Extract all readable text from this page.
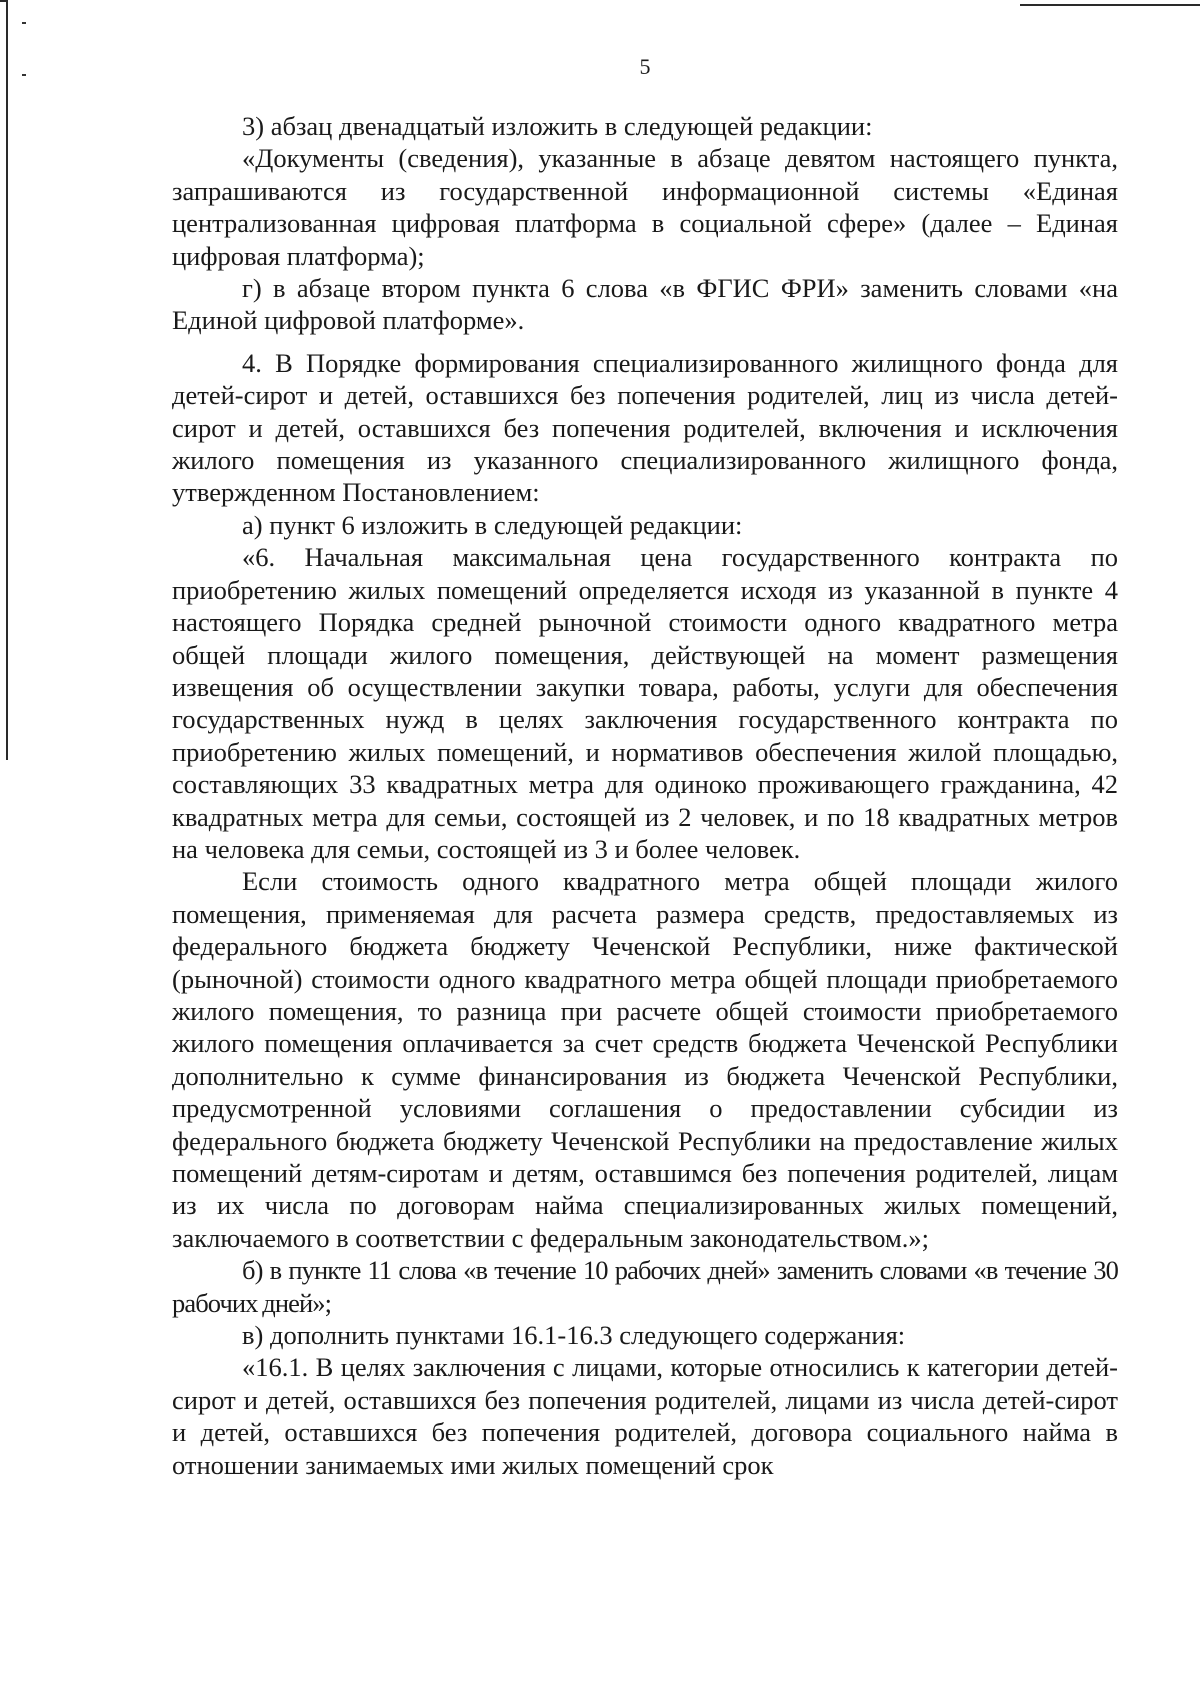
5

3) абзац двенадцатый изложить в следующей редакции:

«Документы (сведения), указанные в абзаце девятом настоящего пункта, запрашиваются из государственной информационной системы «Единая централизованная цифровая платформа в социальной сфере» (далее – Единая цифровая платформа);

г) в абзаце втором пункта 6 слова «в ФГИС ФРИ» заменить словами «на Единой цифровой платформе».

4. В Порядке формирования специализированного жилищного фонда для детей-сирот и детей, оставшихся без попечения родителей, лиц из числа детей-сирот и детей, оставшихся без попечения родителей, включения и исключения жилого помещения из указанного специализированного жилищного фонда, утвержденном Постановлением:

а) пункт 6 изложить в следующей редакции:

«6. Начальная максимальная цена государственного контракта по приобретению жилых помещений определяется исходя из указанной в пункте 4 настоящего Порядка средней рыночной стоимости одного квадратного метра общей площади жилого помещения, действующей на момент размещения извещения об осуществлении закупки товара, работы, услуги для обеспечения государственных нужд в целях заключения государственного контракта по приобретению жилых помещений, и нормативов обеспечения жилой площадью, составляющих 33 квадратных метра для одиноко проживающего гражданина, 42 квадратных метра для семьи, состоящей из 2 человек, и по 18 квадратных метров на человека для семьи, состоящей из 3 и более человек.

Если стоимость одного квадратного метра общей площади жилого помещения, применяемая для расчета размера средств, предоставляемых из федерального бюджета бюджету Чеченской Республики, ниже фактической (рыночной) стоимости одного квадратного метра общей площади приобретаемого жилого помещения, то разница при расчете общей стоимости приобретаемого жилого помещения оплачивается за счет средств бюджета Чеченской Республики дополнительно к сумме финансирования из бюджета Чеченской Республики, предусмотренной условиями соглашения о предоставлении субсидии из федерального бюджета бюджету Чеченской Республики на предоставление жилых помещений детям-сиротам и детям, оставшимся без попечения родителей, лицам из их числа по договорам найма специализированных жилых помещений, заключаемого в соответствии с федеральным законодательством.»;

б) в пункте 11 слова «в течение 10 рабочих дней» заменить словами «в течение 30 рабочих дней»;

в) дополнить пунктами 16.1-16.3 следующего содержания:

«16.1. В целях заключения с лицами, которые относились к категории детей-сирот и детей, оставшихся без попечения родителей, лицами из числа детей-сирот и детей, оставшихся без попечения родителей, договора социального найма в отношении занимаемых ими жилых помещений срок
